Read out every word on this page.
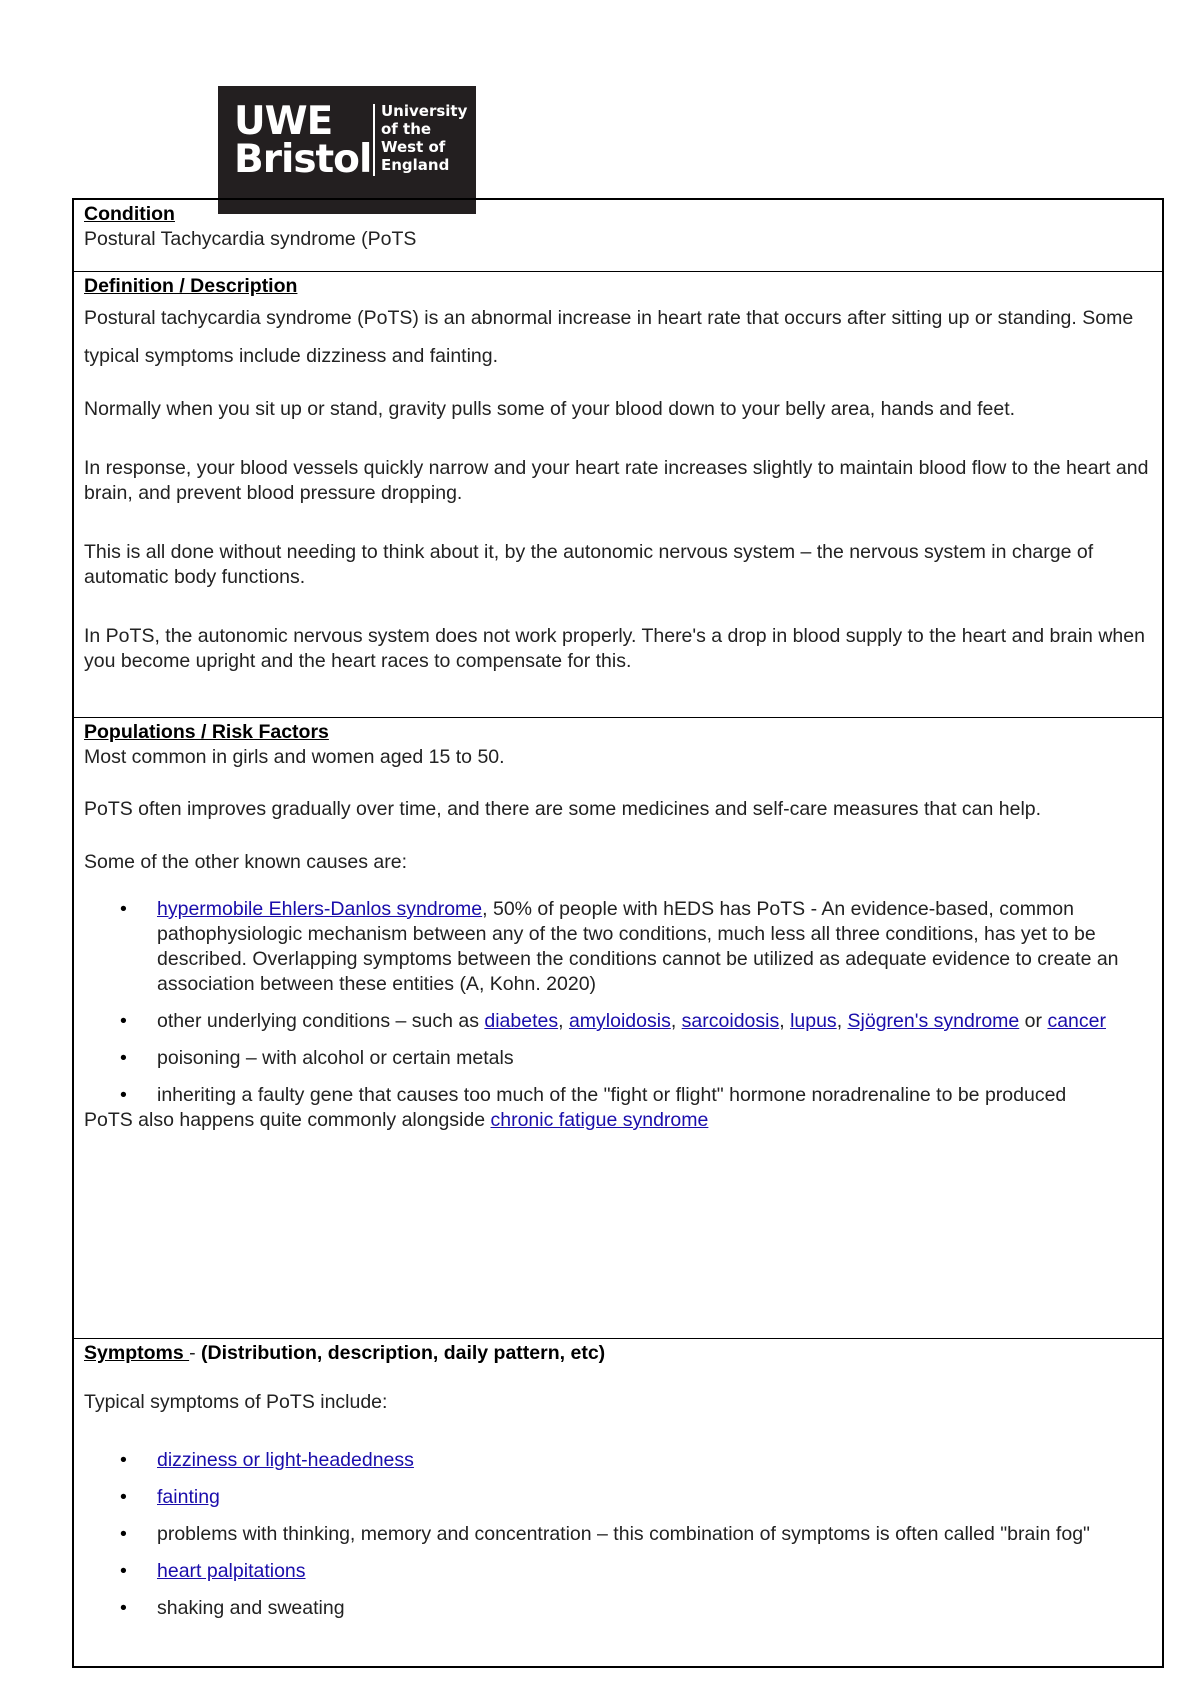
UWE
Bristol
University
of the
West of
England
Condition
Postural Tachycardia syndrome (PoTS
Definition / Description

Postural tachycardia syndrome (PoTS) is an abnormal increase in heart rate that occurs after sitting up or standing. Some typical symptoms include dizziness and fainting.

Normally when you sit up or stand, gravity pulls some of your blood down to your belly area, hands and feet.

In response, your blood vessels quickly narrow and your heart rate increases slightly to maintain blood flow to the heart and brain, and prevent blood pressure dropping.

This is all done without needing to think about it, by the autonomic nervous system – the nervous system in charge of automatic body functions.

In PoTS, the autonomic nervous system does not work properly. There's a drop in blood supply to the heart and brain when you become upright and the heart races to compensate for this.

Populations / Risk Factors

Most common in girls and women aged 15 to 50.

PoTS often improves gradually over time, and there are some medicines and self-care measures that can help.

Some of the other known causes are:

• hypermobile Ehlers-Danlos syndrome, 50% of people with hEDS has PoTS - An evidence-based, common pathophysiologic mechanism between any of the two conditions, much less all three conditions, has yet to be described. Overlapping symptoms between the conditions cannot be utilized as adequate evidence to create an association between these entities (A, Kohn. 2020)
• other underlying conditions – such as diabetes, amyloidosis, sarcoidosis, lupus, Sjögren's syndrome or cancer
• poisoning – with alcohol or certain metals
• inheriting a faulty gene that causes too much of the "fight or flight" hormone noradrenaline to be produced

PoTS also happens quite commonly alongside chronic fatigue syndrome

Symptoms - (Distribution, description, daily pattern, etc)

Typical symptoms of PoTS include:

• dizziness or light-headedness
• fainting
• problems with thinking, memory and concentration – this combination of symptoms is often called "brain fog"
• heart palpitations
• shaking and sweating
